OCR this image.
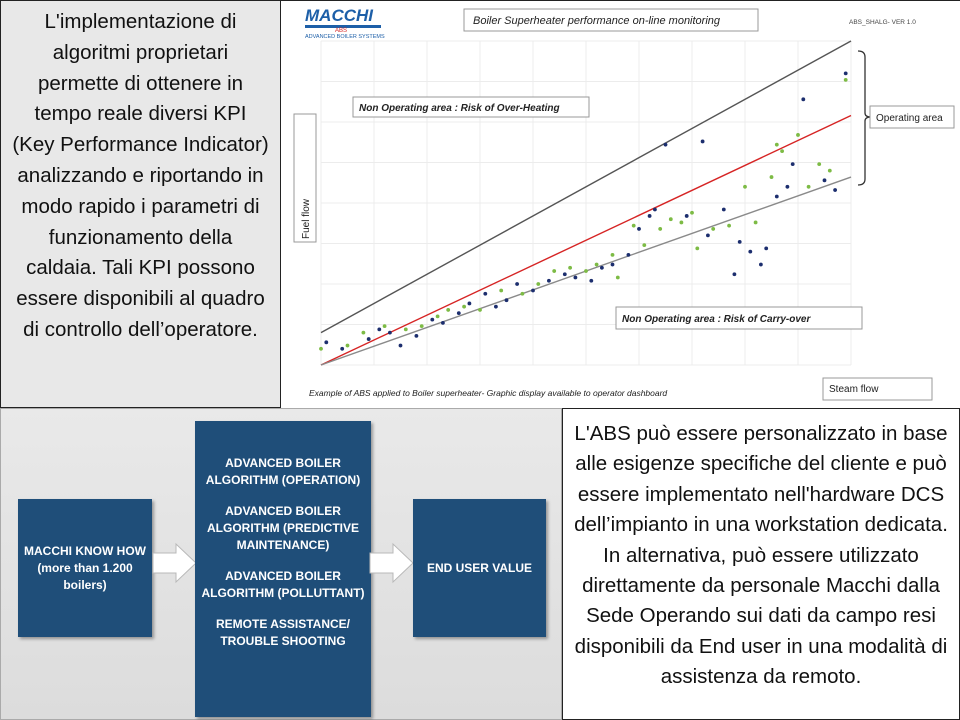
L'implementazione di algoritmi proprietari permette di ottenere in tempo reale diversi KPI (Key Performance Indicator) analizzando e riportando in modo rapido i parametri di funzionamento della caldaia. Tali KPI possono essere disponibili al quadro di controllo dell’operatore.
MACCHI
ABS
ADVANCED BOILER SYSTEMS
Boiler Superheater performance on-line monitoring	ABS_SHALG- VER 1.0
Fuel flow
Non Operating area : Risk of Over-Heating
Non Operating area : Risk of Carry-over
Operating area
Steam flow
Example of ABS applied to Boiler superheater- Graphic display available to operator dashboard
MACCHI KNOW HOW (more than 1.200 boilers)
ADVANCED BOILER ALGORITHM (OPERATION)
ADVANCED BOILER ALGORITHM (PREDICTIVE MAINTENANCE)
ADVANCED BOILER ALGORITHM (POLLUTTANT)
REMOTE ASSISTANCE/ TROUBLE SHOOTING
END USER VALUE
L'ABS può essere personalizzato in base alle esigenze specifiche del cliente e può essere implementato nell'hardware DCS dell’impianto in una workstation dedicata. In alternativa, può essere utilizzato direttamente da personale Macchi dalla Sede Operando sui dati da campo resi disponibili da End user in una modalità di assistenza da remoto.
